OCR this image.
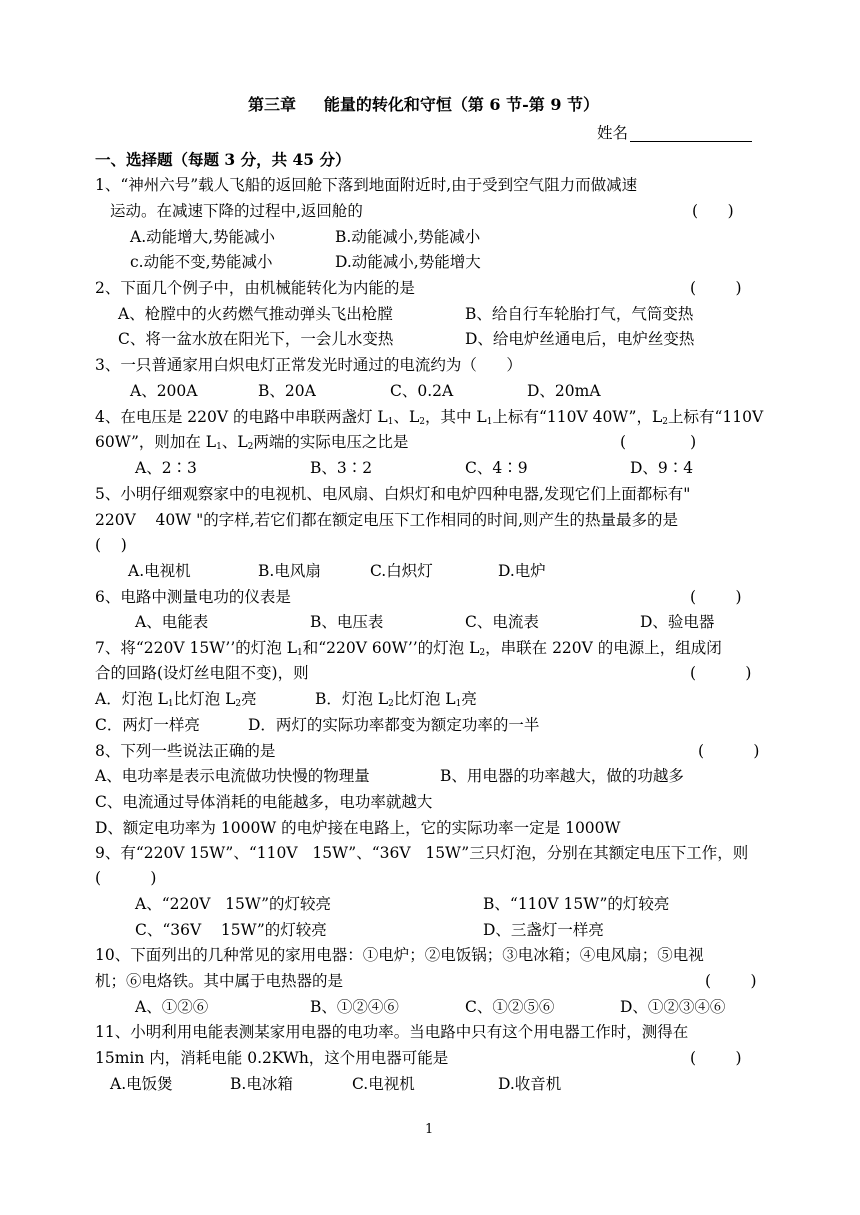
第三章     能量的转化和守恒（第 6 节-第 9 节）
姓名
一、选择题（每题 3 分，共 45 分）
1、“神州六号”载人飞船的返回舱下落到地面附近时,由于受到空气阻力而做减速
运动。在减速下降的过程中,返回舱的	(      )
A.动能增大,势能减小	B.动能减小,势能减小
c.动能不变,势能减小	D.动能减小,势能增大
2、下面几个例子中，由机械能转化为内能的是	(        )
A、枪膛中的火药燃气推动弹头飞出枪膛	B、给自行车轮胎打气，气筒变热
C、将一盆水放在阳光下，一会儿水变热	D、给电炉丝通电后，电炉丝变热
3、一只普通家用白炽电灯正常发光时通过的电流约为（      ）
A、200A	B、20A	C、0.2A	D、20mA
4、在电压是 220V 的电路中串联两盏灯 $L_1$、$L_2$，其中 $L_1$上标有“110V 40W”，$L_2$上标有“110V
60W”，则加在 $L_1$、$L_2$两端的实际电压之比是	(             )
A、2∶3	B、3∶2	C、4∶9	D、9∶4
5、小明仔细观察家中的电视机、电风扇、白炽灯和电炉四种电器,发现它们上面都标有"
220V    40W "的字样,若它们都在额定电压下工作相同的时间,则产生的热量最多的是
(    )
A.电视机	B.电风扇	C.白炽灯	D.电炉
6、电路中测量电功的仪表是	(        )
A、电能表	B、电压表	C、电流表	D、验电器
7、将“220V 15W’’的灯泡 $L_1$和“220V 60W’’的灯泡 $L_2$，串联在 220V 的电源上，组成闭
合的回路(设灯丝电阻不变)，则	(          )
A．灯泡 $L_1$比灯泡 $L_2$亮	B．灯泡 $L_2$比灯泡 $L_1$亮
C．两灯一样亮	D．两灯的实际功率都变为额定功率的一半
8、下列一些说法正确的是	(          )
A、电功率是表示电流做功快慢的物理量	B、用电器的功率越大，做的功越多
C、电流通过导体消耗的电能越多，电功率就越大
D、额定电功率为 1000W 的电炉接在电路上，它的实际功率一定是 1000W
9、有“220V 15W”、“110V   15W”、“36V   15W”三只灯泡，分别在其额定电压下工作，则
(          )
A、“220V   15W”的灯较亮	B、“110V 15W”的灯较亮
C、“36V    15W”的灯较亮	D、三盏灯一样亮
10、下面列出的几种常见的家用电器：①电炉；②电饭锅；③电冰箱；④电风扇；⑤电视
机；⑥电烙铁。其中属于电热器的是	(        )
A、①②⑥	B、①②④⑥	C、①②⑤⑥	D、①②③④⑥
11、小明利用电能表测某家用电器的电功率。当电路中只有这个用电器工作时，测得在
15min 内，消耗电能 0.2KWh，这个用电器可能是	(        )
A.电饭煲	B.电冰箱	C.电视机	D.收音机
1
